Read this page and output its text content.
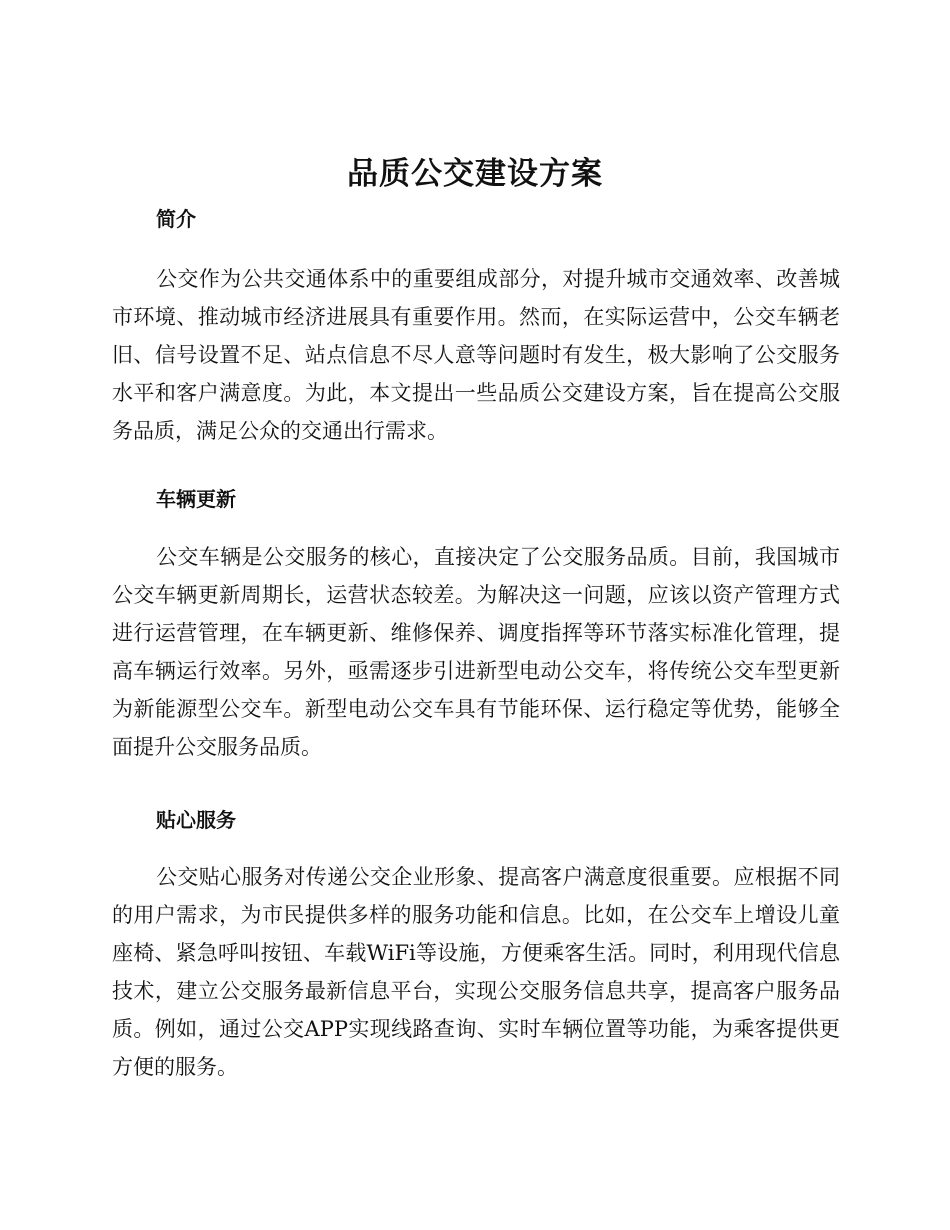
品质公交建设方案
简介

公交作为公共交通体系中的重要组成部分，对提升城市交通效率、改善城市环境、推动城市经济进展具有重要作用。然而，在实际运营中，公交车辆老旧、信号设置不足、站点信息不尽人意等问题时有发生，极大影响了公交服务水平和客户满意度。为此，本文提出一些品质公交建设方案，旨在提高公交服务品质，满足公众的交通出行需求。

车辆更新

公交车辆是公交服务的核心，直接决定了公交服务品质。目前，我国城市公交车辆更新周期长，运营状态较差。为解决这一问题，应该以资产管理方式进行运营管理，在车辆更新、维修保养、调度指挥等环节落实标准化管理，提高车辆运行效率。另外，亟需逐步引进新型电动公交车，将传统公交车型更新为新能源型公交车。新型电动公交车具有节能环保、运行稳定等优势，能够全面提升公交服务品质。

贴心服务

公交贴心服务对传递公交企业形象、提高客户满意度很重要。应根据不同的用户需求，为市民提供多样的服务功能和信息。比如，在公交车上增设儿童座椅、紧急呼叫按钮、车载WiFi等设施，方便乘客生活。同时，利用现代信息技术，建立公交服务最新信息平台，实现公交服务信息共享，提高客户服务品质。例如，通过公交APP实现线路查询、实时车辆位置等功能，为乘客提供更方便的服务。
